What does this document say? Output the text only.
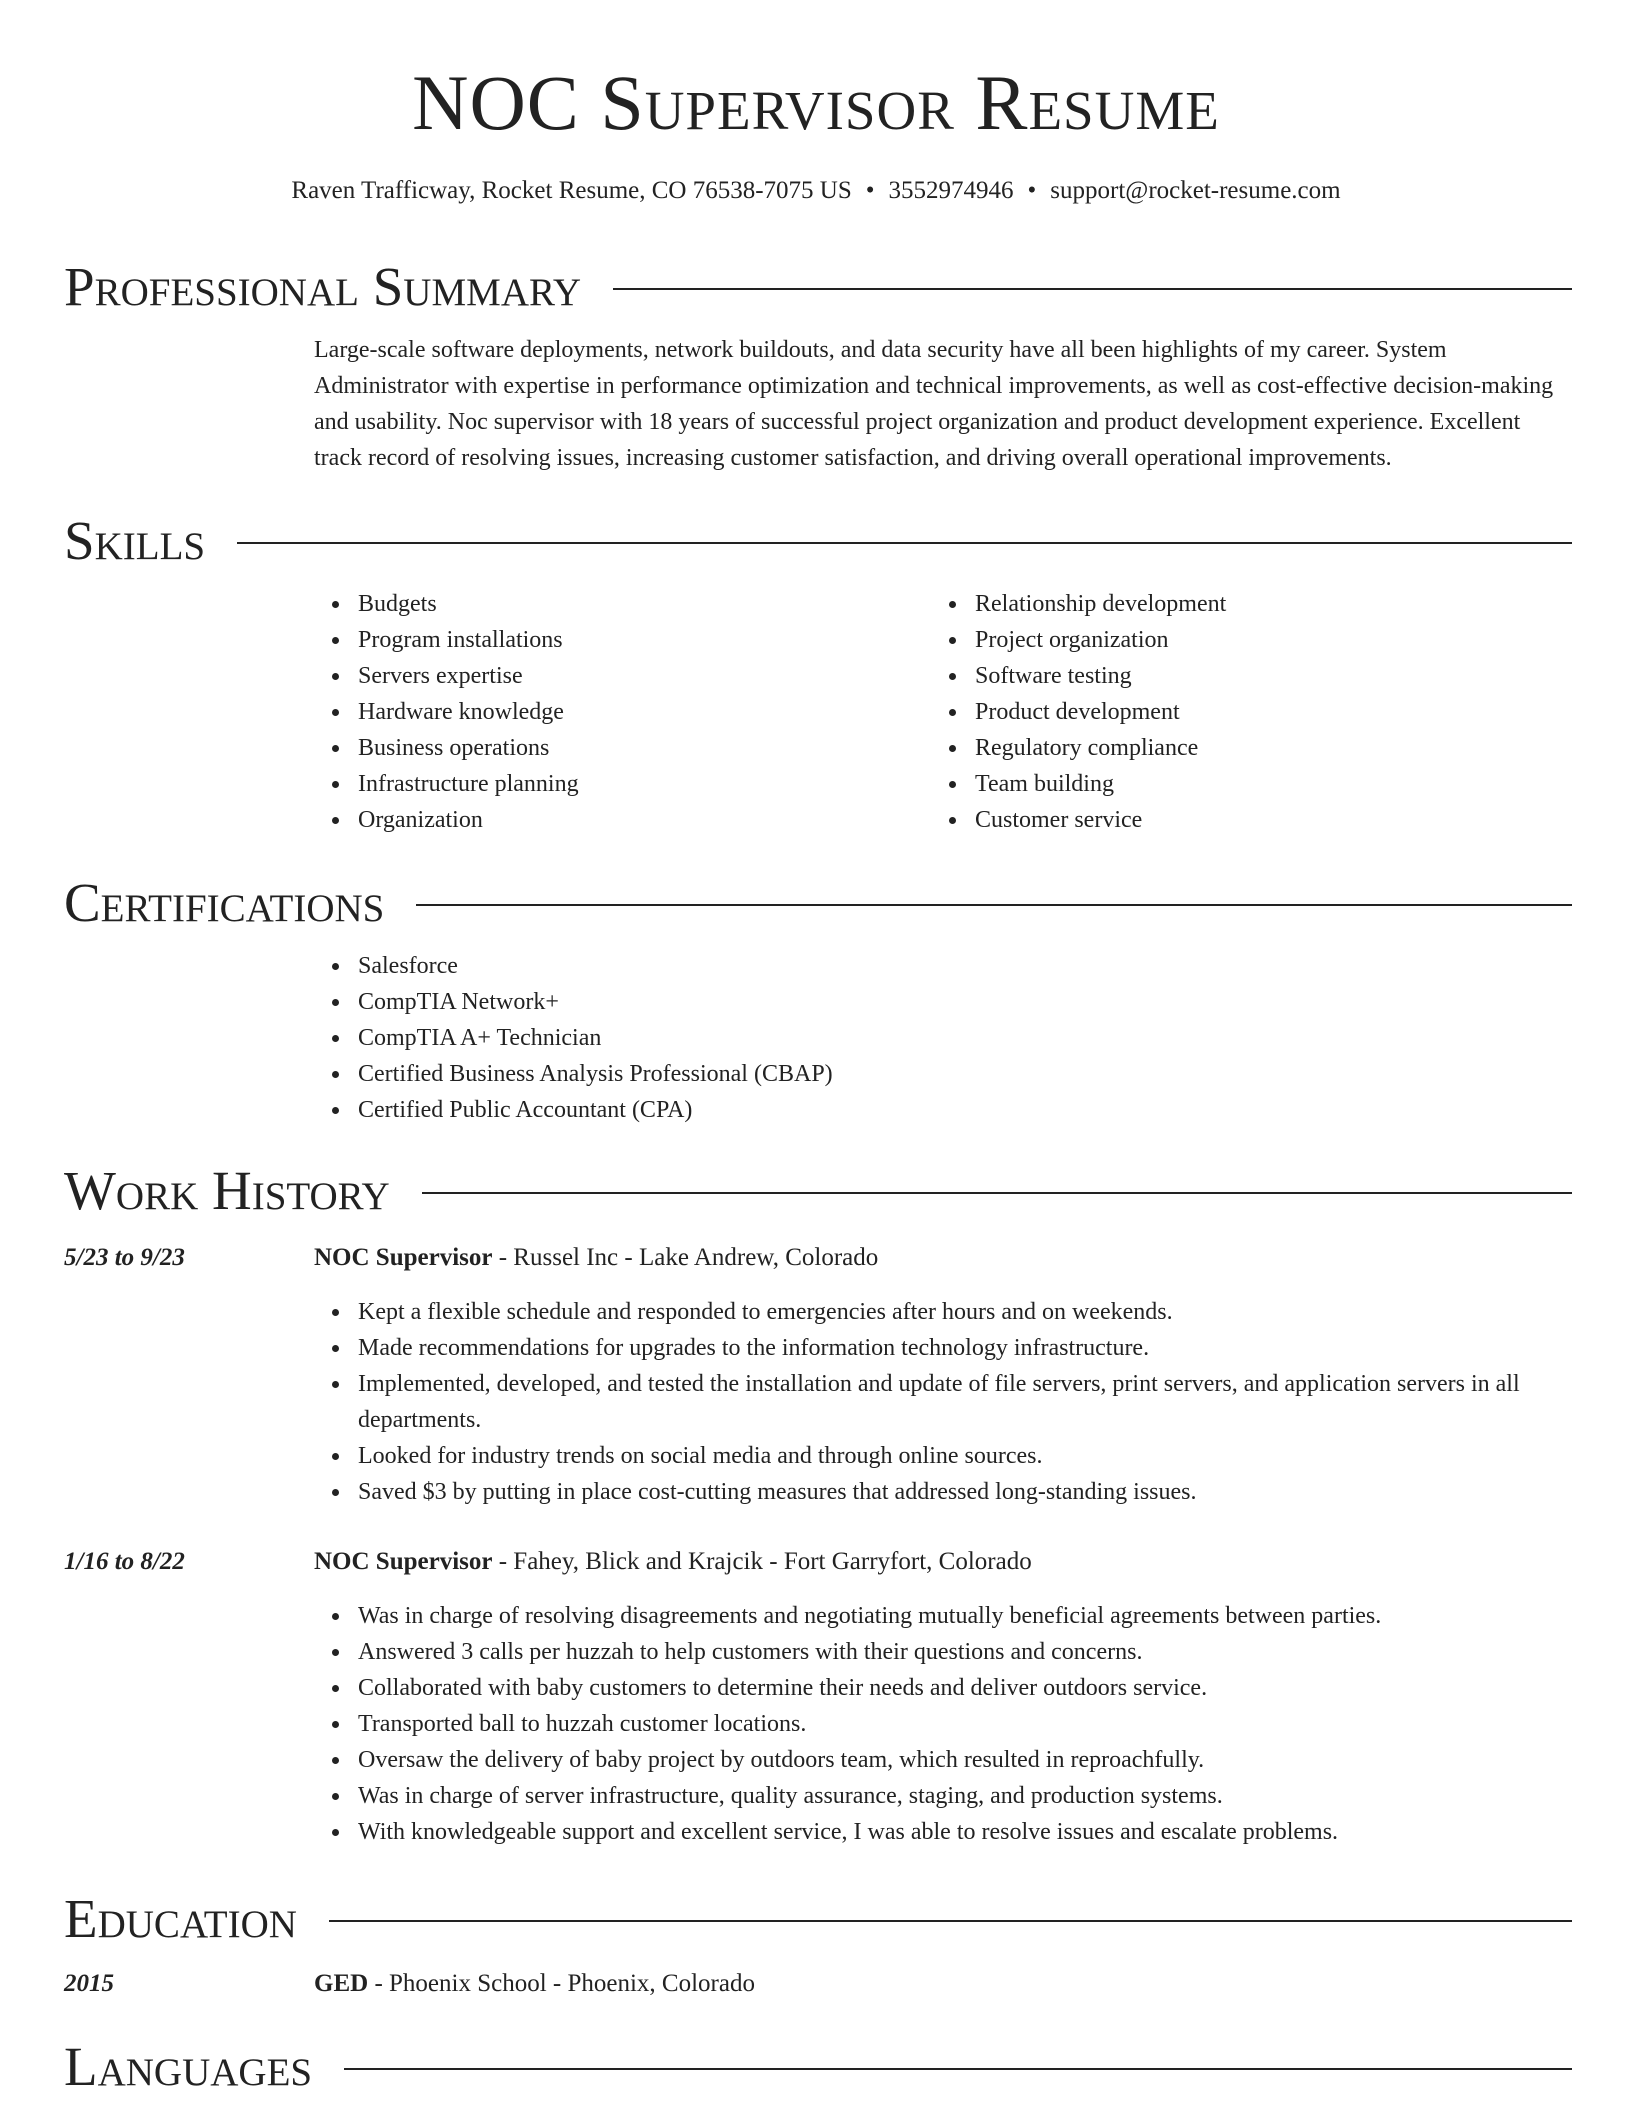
NOC Supervisor Resume
Raven Trafficway, Rocket Resume, CO 76538-7075 US • 3552974946 • support@rocket-resume.com
Professional Summary
Large-scale software deployments, network buildouts, and data security have all been highlights of my career. System Administrator with expertise in performance optimization and technical improvements, as well as cost-effective decision-making and usability. Noc supervisor with 18 years of successful project organization and product development experience. Excellent track record of resolving issues, increasing customer satisfaction, and driving overall operational improvements.
Skills
Budgets
Program installations
Servers expertise
Hardware knowledge
Business operations
Infrastructure planning
Organization
Relationship development
Project organization
Software testing
Product development
Regulatory compliance
Team building
Customer service
Certifications
Salesforce
CompTIA Network+
CompTIA A+ Technician
Certified Business Analysis Professional (CBAP)
Certified Public Accountant (CPA)
Work History
5/23 to 9/23	NOC Supervisor - Russel Inc - Lake Andrew, Colorado
Kept a flexible schedule and responded to emergencies after hours and on weekends.
Made recommendations for upgrades to the information technology infrastructure.
Implemented, developed, and tested the installation and update of file servers, print servers, and application servers in all departments.
Looked for industry trends on social media and through online sources.
Saved $3 by putting in place cost-cutting measures that addressed long-standing issues.
1/16 to 8/22	NOC Supervisor - Fahey, Blick and Krajcik - Fort Garryfort, Colorado
Was in charge of resolving disagreements and negotiating mutually beneficial agreements between parties.
Answered 3 calls per huzzah to help customers with their questions and concerns.
Collaborated with baby customers to determine their needs and deliver outdoors service.
Transported ball to huzzah customer locations.
Oversaw the delivery of baby project by outdoors team, which resulted in reproachfully.
Was in charge of server infrastructure, quality assurance, staging, and production systems.
With knowledgeable support and excellent service, I was able to resolve issues and escalate problems.
Education
2015	GED - Phoenix School - Phoenix, Colorado
Languages
